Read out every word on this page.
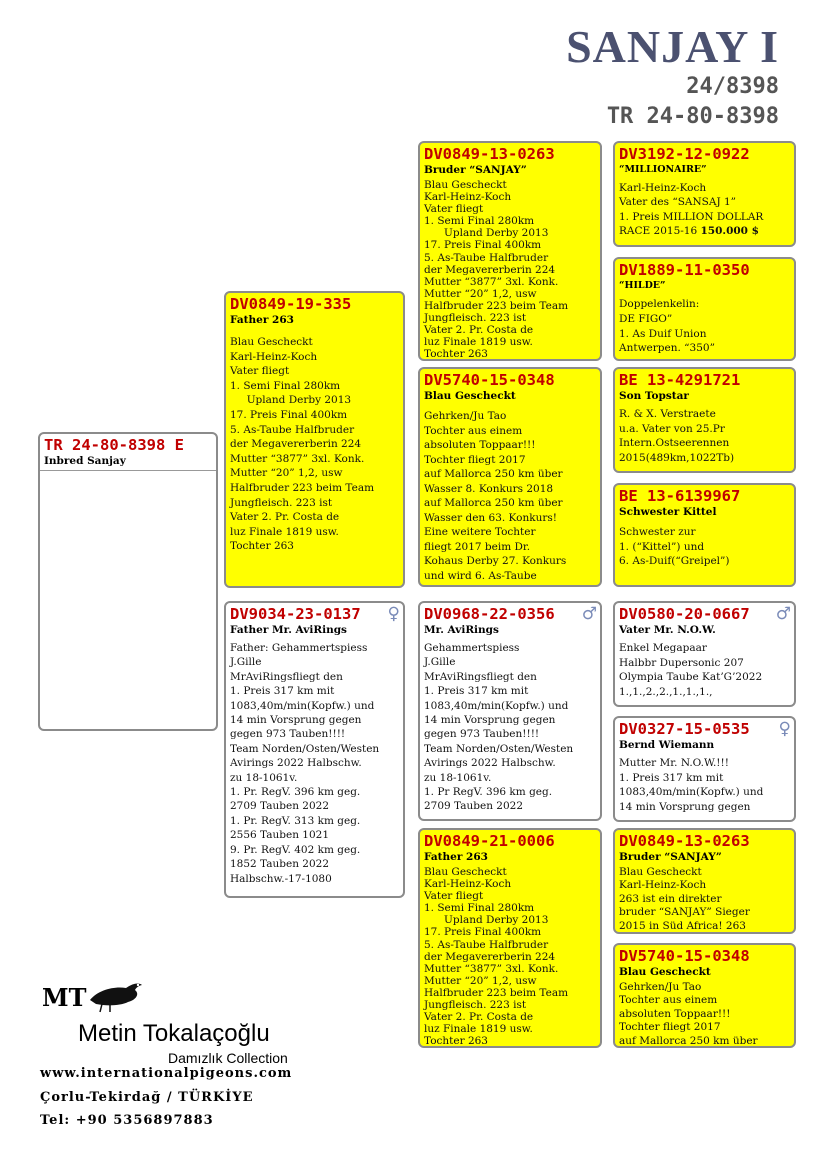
SANJAY I
24/8398
TR 24-80-8398
TR 24-80-8398 E
Inbred Sanjay
DV0849-19-335
Father 263
Blau Gescheckt
Karl-Heinz-Koch
Vater fliegt
1. Semi Final 280km
Upland Derby 2013
17. Preis Final 400km
5. As-Taube Halfbruder
der Megavererberin 224
Mutter “3877” 3xl. Konk.
Mutter “20” 1,2, usw
Halfbruder 223 beim Team
Jungfleisch. 223 ist
Vater 2. Pr. Costa de
luz Finale 1819 usw.
Tochter 263
♀
DV9034-23-0137
Father Mr. AviRings
Father: Gehammertspiess
J.Gille
MrAviRingsfliegt den
1. Preis 317 km mit
1083,40m/min(Kopfw.) und
14 min Vorsprung gegen
gegen 973 Tauben!!!!
Team Norden/Osten/Westen
Avirings 2022 Halbschw.
zu 18-1061v.
1. Pr. RegV. 396 km geg.
2709 Tauben 2022
1. Pr. RegV. 313 km geg.
2556 Tauben 1021
9. Pr. RegV. 402 km geg.
1852 Tauben 2022
Halbschw.-17-1080
DV0849-13-0263
Bruder “SANJAY”
Blau Gescheckt
Karl-Heinz-Koch
Vater fliegt
1. Semi Final 280km
Upland Derby 2013
17. Preis Final 400km
5. As-Taube Halfbruder
der Megavererberin 224
Mutter “3877” 3xl. Konk.
Mutter “20” 1,2, usw
Halfbruder 223 beim Team
Jungfleisch. 223 ist
Vater 2. Pr. Costa de
luz Finale 1819 usw.
Tochter 263
DV5740-15-0348
Blau Gescheckt
Gehrken/Ju Tao
Tochter aus einem
absoluten Toppaar!!!
Tochter fliegt 2017
auf Mallorca 250 km über
Wasser 8. Konkurs 2018
auf Mallorca 250 km über
Wasser den 63. Konkurs!
Eine weitere Tochter
fliegt 2017 beim Dr.
Kohaus Derby 27. Konkurs
und wird 6. As-Taube
♂
DV0968-22-0356
Mr. AviRings
Gehammertspiess
J.Gille
MrAviRingsfliegt den
1. Preis 317 km mit
1083,40m/min(Kopfw.) und
14 min Vorsprung gegen
gegen 973 Tauben!!!!
Team Norden/Osten/Westen
Avirings 2022 Halbschw.
zu 18-1061v.
1. Pr RegV. 396 km geg.
2709 Tauben 2022
DV0849-21-0006
Father 263
Blau Gescheckt
Karl-Heinz-Koch
Vater fliegt
1. Semi Final 280km
Upland Derby 2013
17. Preis Final 400km
5. As-Taube Halfbruder
der Megavererberin 224
Mutter “3877” 3xl. Konk.
Mutter “20” 1,2, usw
Halfbruder 223 beim Team
Jungfleisch. 223 ist
Vater 2. Pr. Costa de
luz Finale 1819 usw.
Tochter 263
DV3192-12-0922
“MILLIONAIRE”
Karl-Heinz-Koch
Vater des “SANSAJ 1”
1. Preis MILLION DOLLAR
RACE 2015-16 150.000 $
DV1889-11-0350
“HILDE”
Doppelenkelin:
DE FIGO”
1. As Duif Union
Antwerpen. “350”
BE 13-4291721
Son Topstar
R. & X. Verstraete
u.a. Vater von 25.Pr
Intern.Ostseerennen
2015(489km,1022Tb)
BE 13-6139967
Schwester Kittel
Schwester zur
1. (“Kittel”) und
6. As-Duif(“Greipel”)
♂
DV0580-20-0667
Vater Mr. N.O.W.
Enkel Megapaar
Halbbr Dupersonic 207
Olympia Taube Kat’G’2022
1.,1.,2.,2.,1.,1.,1.,
♀
DV0327-15-0535
Bernd Wiemann
Mutter Mr. N.O.W.!!!
1. Preis 317 km mit
1083,40m/min(Kopfw.) und
14 min Vorsprung gegen
DV0849-13-0263
Bruder “SANJAY”
Blau Gescheckt
Karl-Heinz-Koch
263 ist ein direkter
bruder “SANJAY” Sieger
2015 in Süd Africa! 263
DV5740-15-0348
Blau Gescheckt
Gehrken/Ju Tao
Tochter aus einem
absoluten Toppaar!!!
Tochter fliegt 2017
auf Mallorca 250 km über
MT
Metin Tokalaçoğlu
Damızlık Collection
www.internationalpigeons.com
Çorlu-Tekirdağ / TÜRKİYE
Tel: +90 5356897883
